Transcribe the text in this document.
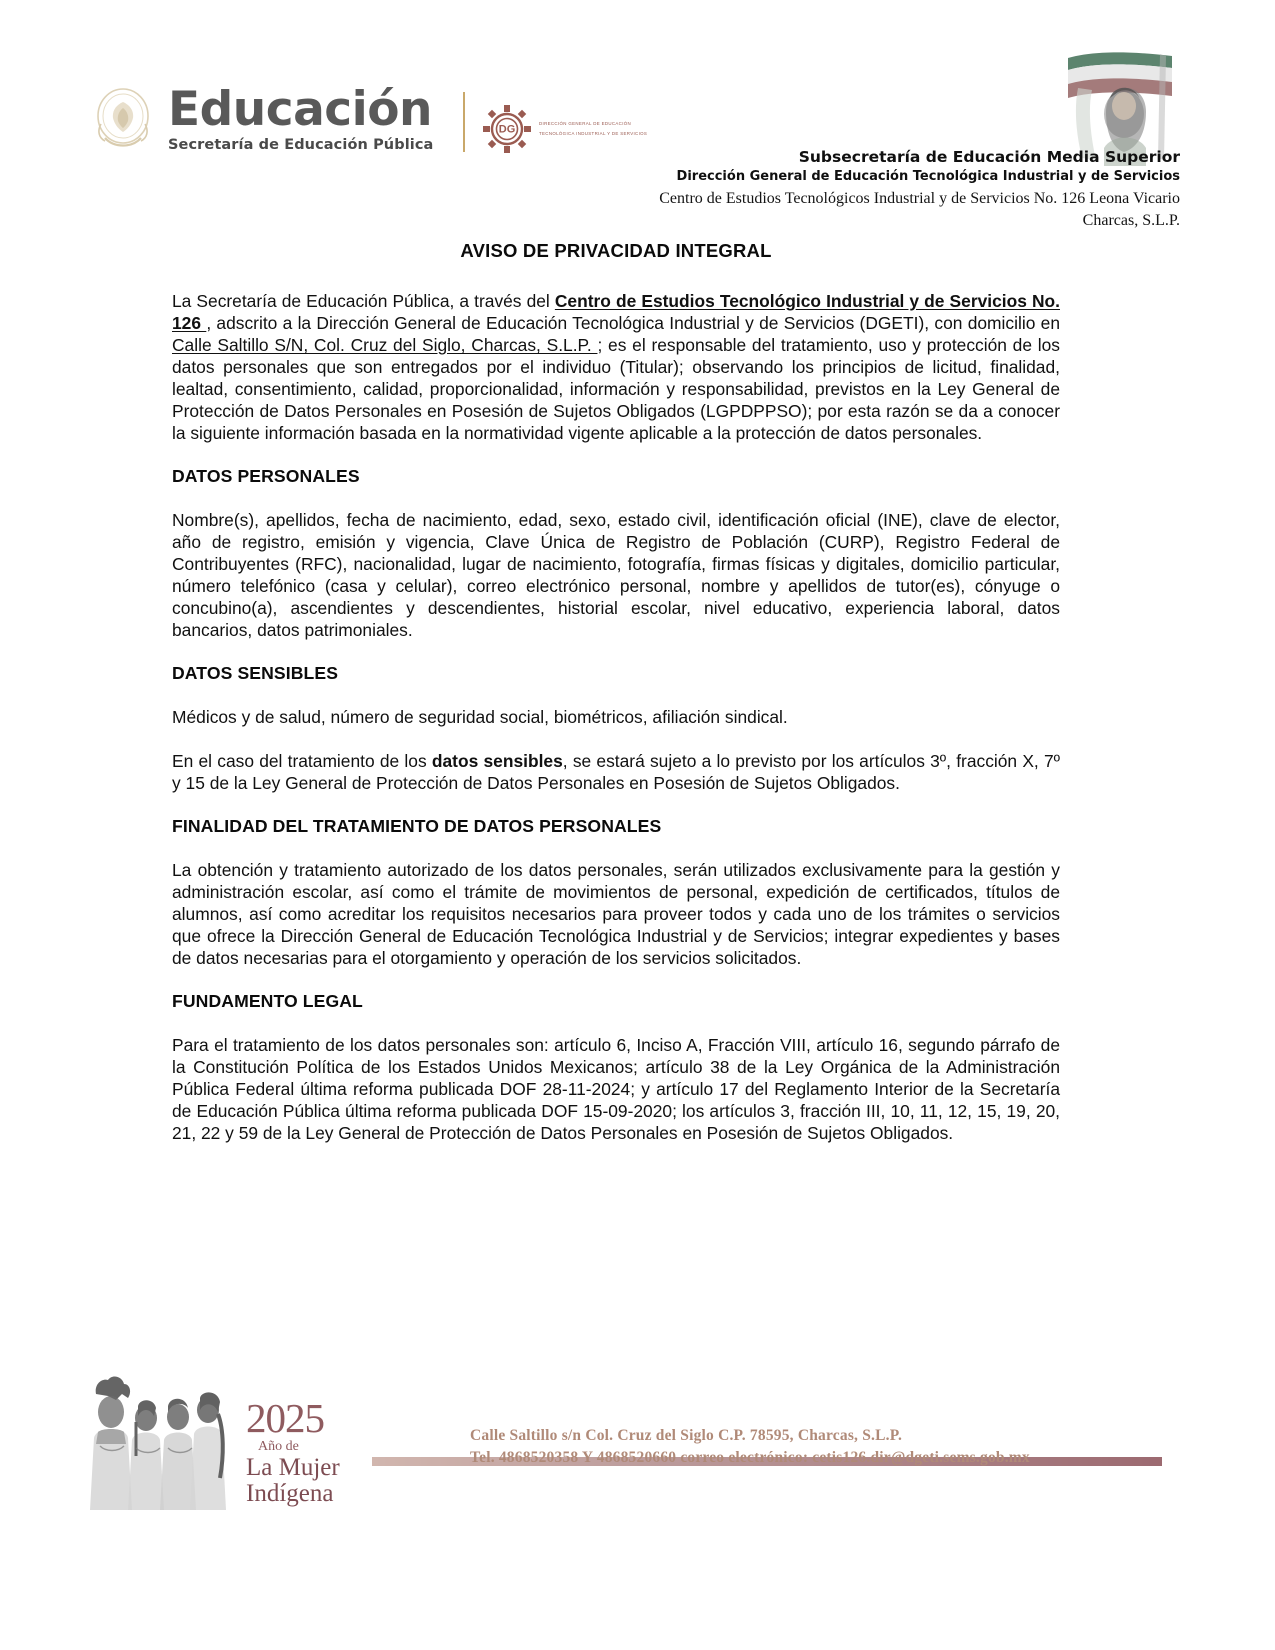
Educación
Secretaría de Educación Pública
DG
DIRECCIÓN GENERAL DE EDUCACIÓN
TECNOLÓGICA INDUSTRIAL Y DE SERVICIOS
Subsecretaría de Educación Media Superior
Dirección General de Educación Tecnológica Industrial y de Servicios
Centro de Estudios Tecnológicos Industrial y de Servicios No. 126 Leona Vicario
Charcas, S.L.P.
AVISO DE PRIVACIDAD INTEGRAL

La Secretaría de Educación Pública, a través del Centro de Estudios Tecnológico Industrial y de Servicios No. 126 , adscrito a la Dirección General de Educación Tecnológica Industrial y de Servicios (DGETI), con domicilio en Calle Saltillo S/N, Col. Cruz del Siglo, Charcas, S.L.P. ; es el responsable del tratamiento, uso y protección de los datos personales que son entregados por el individuo (Titular); observando los principios de licitud, finalidad, lealtad, consentimiento, calidad, proporcionalidad, información y responsabilidad, previstos en la Ley General de Protección de Datos Personales en Posesión de Sujetos Obligados (LGPDPPSO); por esta razón se da a conocer la siguiente información basada en la normatividad vigente aplicable a la protección de datos personales.

DATOS PERSONALES

Nombre(s), apellidos, fecha de nacimiento, edad, sexo, estado civil, identificación oficial (INE), clave de elector, año de registro, emisión y vigencia, Clave Única de Registro de Población (CURP), Registro Federal de Contribuyentes (RFC), nacionalidad, lugar de nacimiento, fotografía, firmas físicas y digitales, domicilio particular, número telefónico (casa y celular), correo electrónico personal, nombre y apellidos de tutor(es), cónyuge o concubino(a), ascendientes y descendientes, historial escolar, nivel educativo, experiencia laboral, datos bancarios, datos patrimoniales.

DATOS SENSIBLES

Médicos y de salud, número de seguridad social, biométricos, afiliación sindical.

En el caso del tratamiento de los datos sensibles, se estará sujeto a lo previsto por los artículos 3º, fracción X, 7º y 15 de la Ley General de Protección de Datos Personales en Posesión de Sujetos Obligados.

FINALIDAD DEL TRATAMIENTO DE DATOS PERSONALES

La obtención y tratamiento autorizado de los datos personales, serán utilizados exclusivamente para la gestión y administración escolar, así como el trámite de movimientos de personal, expedición de certificados, títulos de alumnos, así como acreditar los requisitos necesarios para proveer todos y cada uno de los trámites o servicios que ofrece la Dirección General de Educación Tecnológica Industrial y de Servicios; integrar expedientes y bases de datos necesarias para el otorgamiento y operación de los servicios solicitados.

FUNDAMENTO LEGAL

Para el tratamiento de los datos personales son: artículo 6, Inciso A, Fracción VIII, artículo 16, segundo párrafo de la Constitución Política de los Estados Unidos Mexicanos; artículo 38 de la Ley Orgánica de la Administración Pública Federal última reforma publicada DOF 28-11-2024; y artículo 17 del Reglamento Interior de la Secretaría de Educación Pública última reforma publicada DOF 15-09-2020; los artículos 3, fracción III, 10, 11, 12, 15, 19, 20, 21, 22 y 59 de la Ley General de Protección de Datos Personales en Posesión de Sujetos Obligados.

2025
Año de
La Mujer
Indígena
Calle Saltillo s/n Col. Cruz del Siglo C.P. 78595, Charcas, S.L.P.
Tel. 4868520358 Y 4868520660 correo electrónico: cetis126.dir@dgeti.sems.gob.mx
